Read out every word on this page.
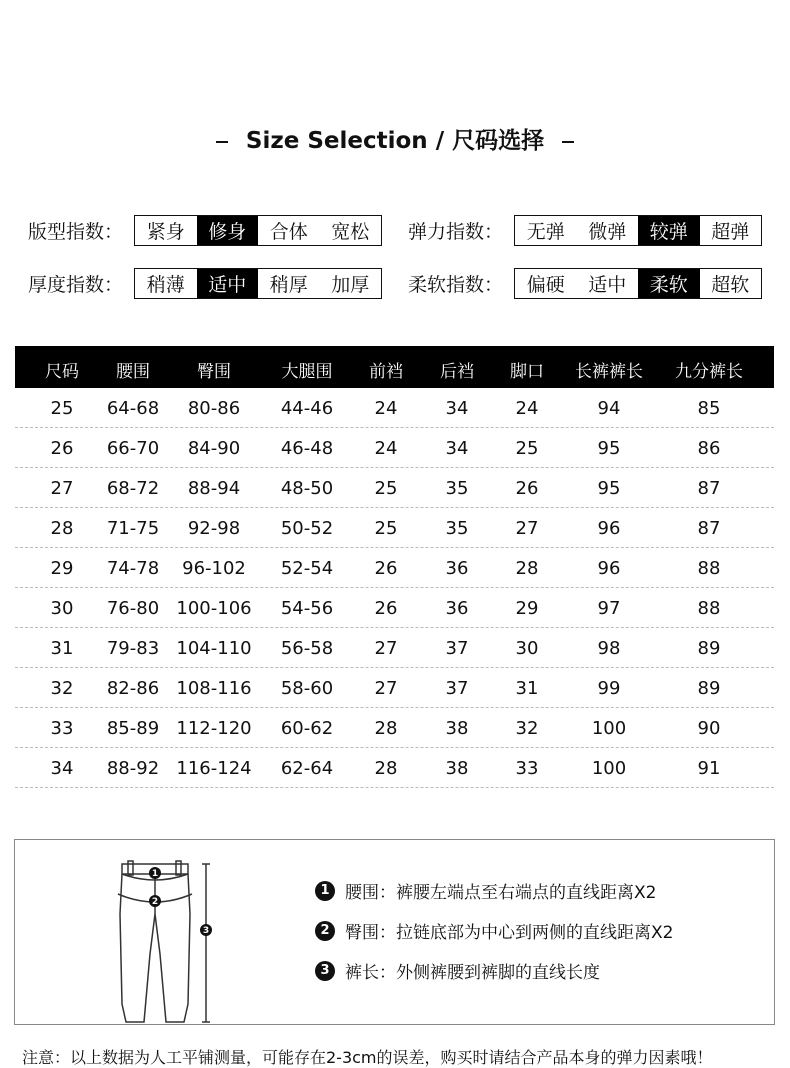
Size Selection / 尺码选择
版型指数：	紧身	修身	合体	宽松	弹力指数：	无弹	微弹	较弹	超弹
厚度指数：	稍薄	适中	稍厚	加厚	柔软指数：	偏硬	适中	柔软	超软
尺码 腰围	臀围	大腿围 前裆 后裆 脚口 长裤裤长 九分裤长
25 64-68 80-86 44-46 24	34	24	94	85
26 66-70 84-90 46-48 24	34	25	95	86
27 68-72 88-94 48-50 25	35	26	95	87
28 71-75 92-98 50-52 25	35	27	96	87
29 74-78 96-102 52-54 26	36	28	96	88
30 76-80 100-106 54-56 26	36	29	97	88
31 79-83 104-110 56-58 27	37	30	98	89
32 82-86 108-116 58-60 27	37	31	99	89
33 85-89 112-120 60-62 28	38	32	100	90
34 88-92 116-124 62-64 28	38	33	100	91
1
2
3
1 腰围：裤腰左端点至右端点的直线距离X2
2 臀围：拉链底部为中心到两侧的直线距离X2
3 裤长：外侧裤腰到裤脚的直线长度
注意：以上数据为人工平铺测量，可能存在2-3cm的误差，购买时请结合产品本身的弹力因素哦！
